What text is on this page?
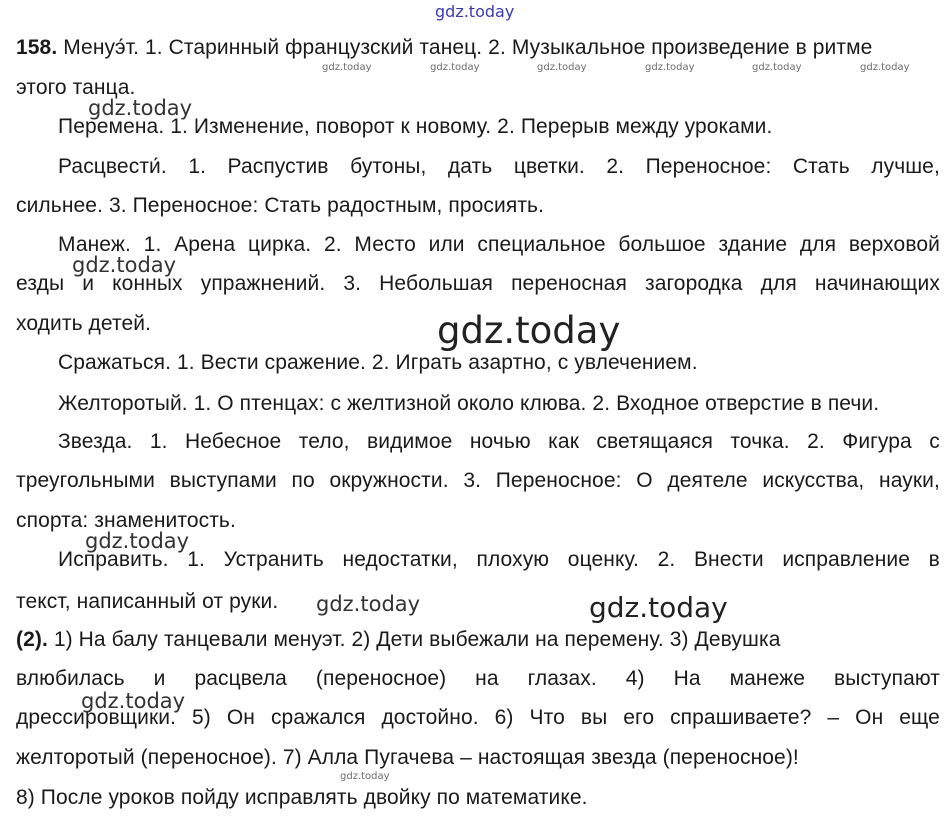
gdz.today
158. Менуэ́т. 1. Старинный французский танец. 2. Музыкальное произведение в ритме
этого танца.
Перемена. 1. Изменение, поворот к новому. 2. Перерыв между уроками.
Расцвести́. 1. Распустив бутоны, дать цветки. 2. Переносное: Стать лучше,
сильнее. 3. Переносное: Стать радостным, просиять.
Манеж. 1. Арена цирка. 2. Место или специальное большое здание для верховой
езды и конных упражнений. 3. Небольшая переносная загородка для начинающих
ходить детей.
Сражаться. 1. Вести сражение. 2. Играть азартно, с увлечением.
Желторотый. 1. О птенцах: с желтизной около клюва. 2. Входное отверстие в печи.
Звезда. 1. Небесное тело, видимое ночью как светящаяся точка. 2. Фигура с
треугольными выступами по окружности. 3. Переносное: О деятеле искусства, науки,
спорта: знаменитость.
Исправить. 1. Устранить недостатки, плохую оценку. 2. Внести исправление в
текст, написанный от руки.
(2). 1) На балу танцевали менуэт. 2) Дети выбежали на перемену. 3) Девушка
влюбилась и расцвела (переносное) на глазах. 4) На манеже выступают
дрессировщики. 5) Он сражался достойно. 6) Что вы его спрашиваете? – Он еще
желторотый (переносное). 7) Алла Пугачева – настоящая звезда (переносное)!
8) После уроков пойду исправлять двойку по математике.
gdz.today	gdz.today	gdz.today	gdz.today	gdz.today	gdz.today
gdz.today
gdz.today
gdz.today
gdz.today
gdz.today
gdz.today
gdz.today
gdz.today
